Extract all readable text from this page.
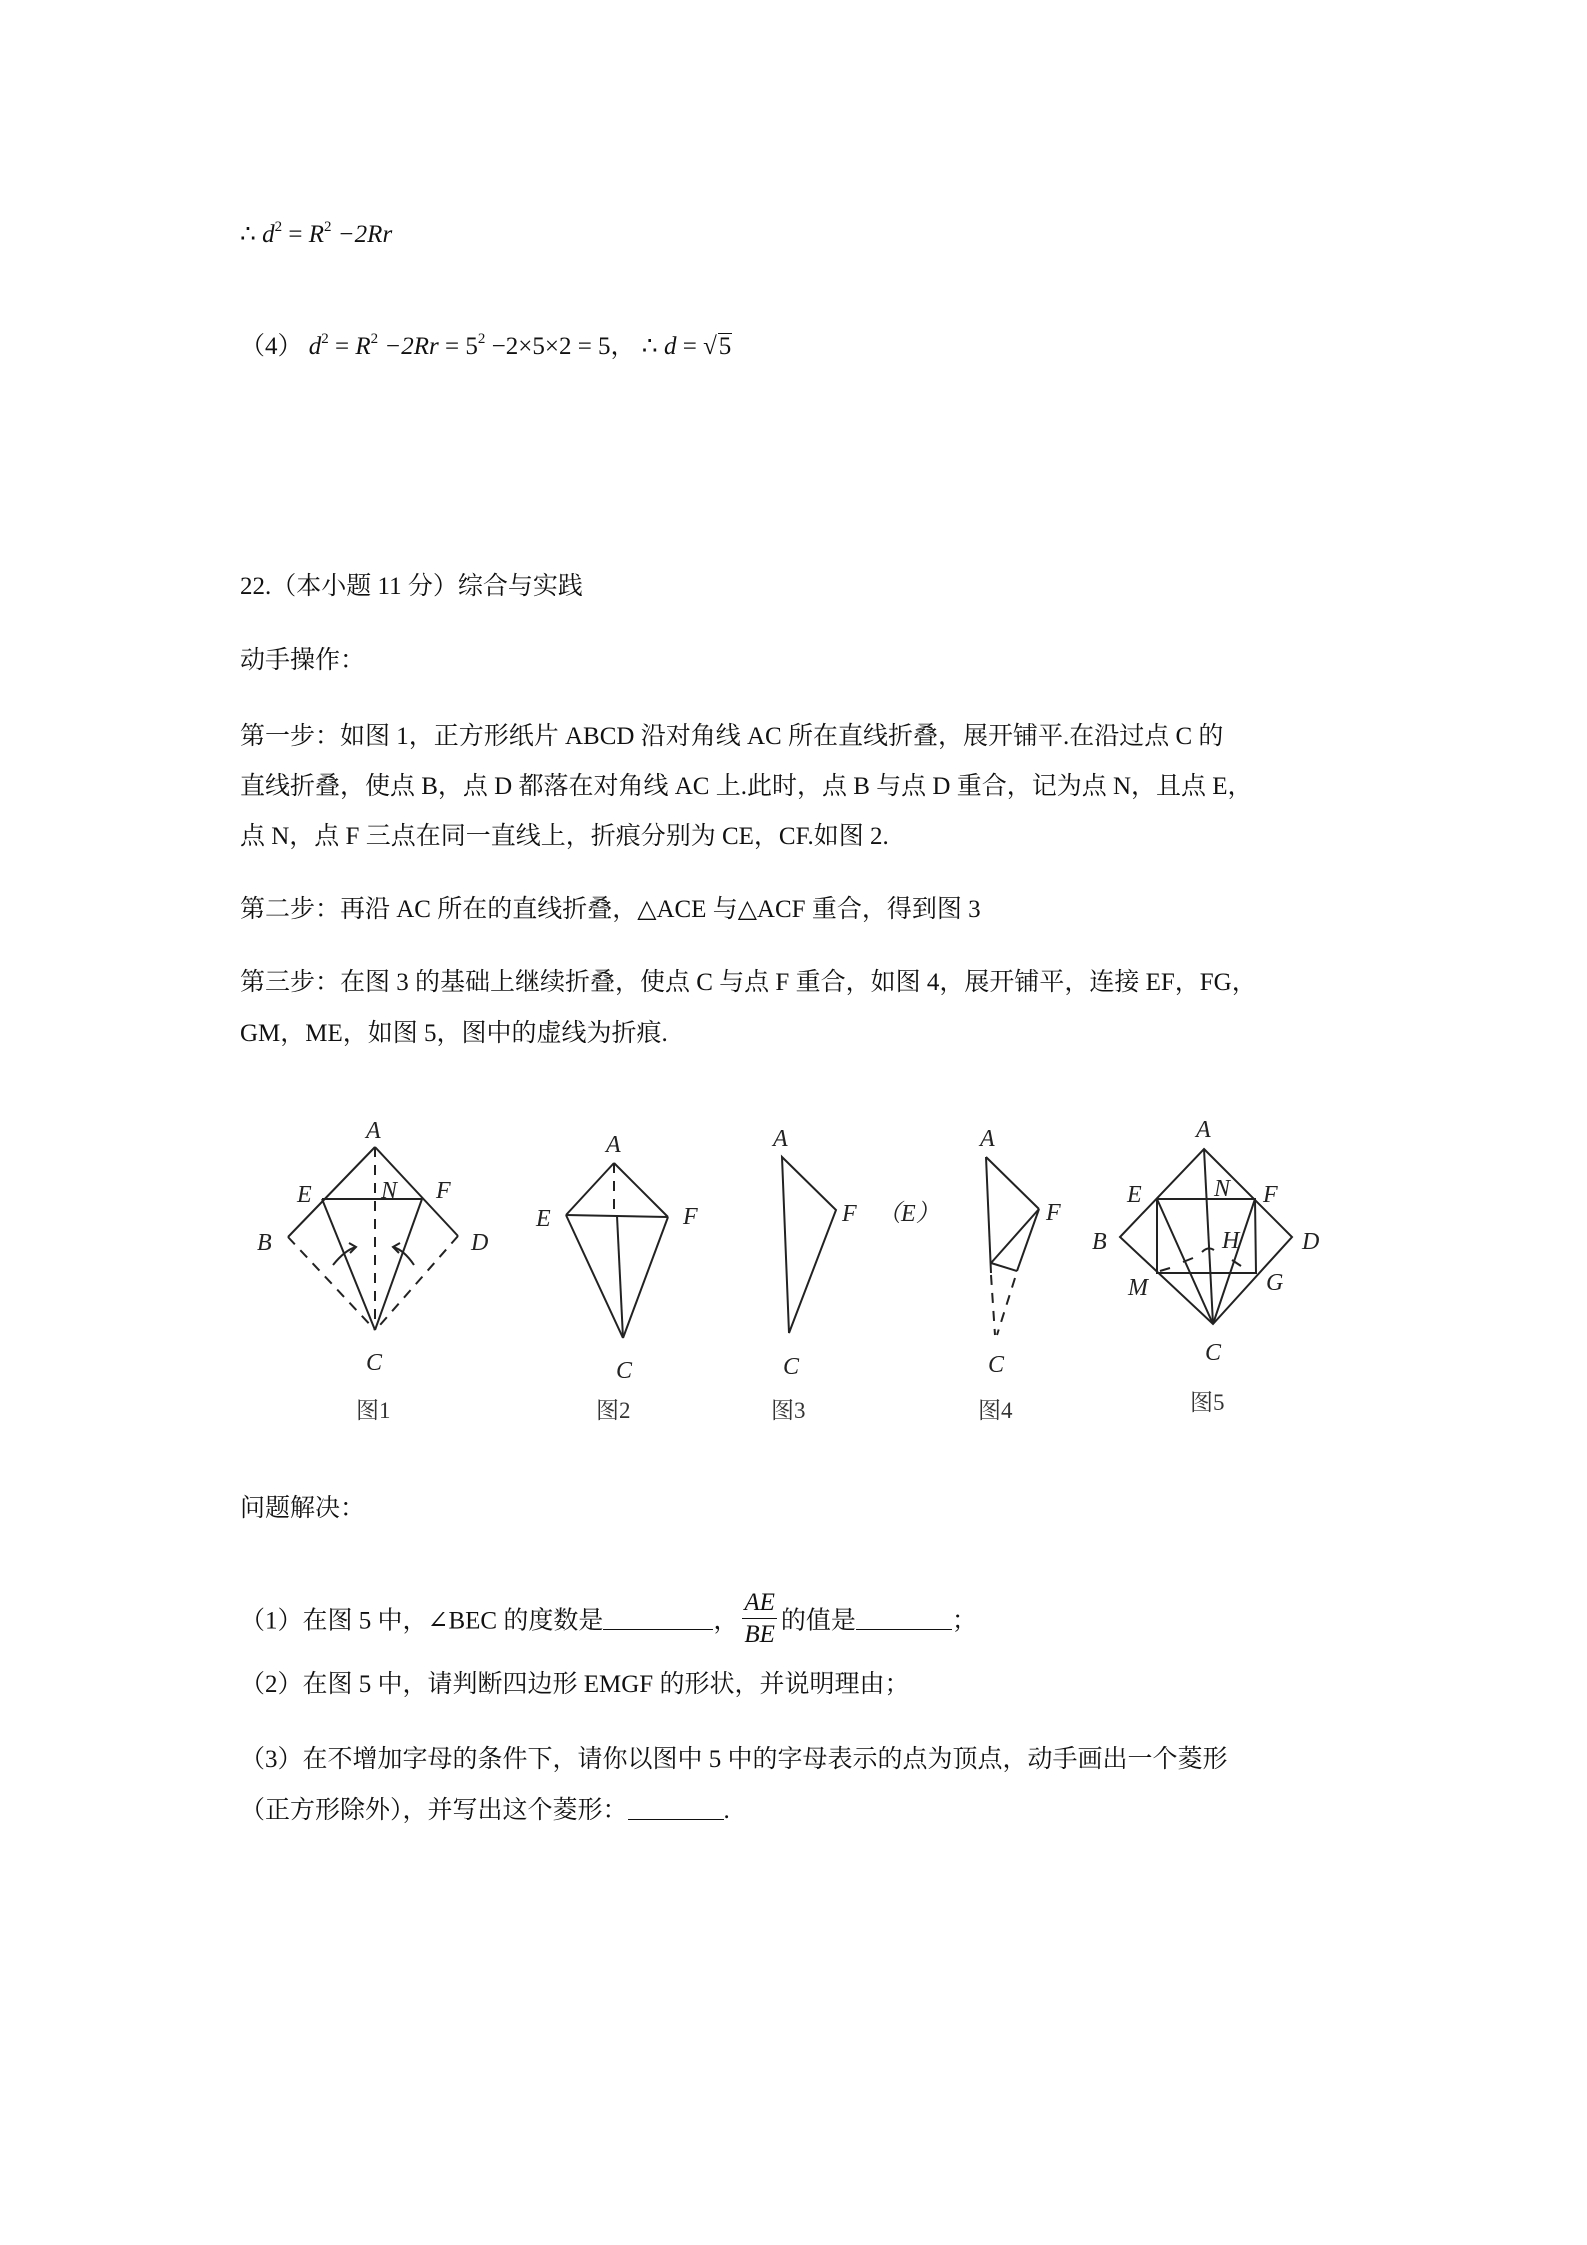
∴ $d^2 = R^2 -2Rr$
（4） $d^2 = R^2 -2Rr = 5^2 -2\times 5\times 2 = 5$， ∴ d = √5
22.（本小题 11 分）综合与实践
动手操作：
第一步：如图 1，正方形纸片 ABCD 沿对角线 AC 所在直线折叠，展开铺平.在沿过点 C 的
直线折叠，使点 B，点 D 都落在对角线 AC 上.此时，点 B 与点 D 重合，记为点 N，且点 E，
点 N，点 F 三点在同一直线上，折痕分别为 CE，CF.如图 2.
第二步：再沿 AC 所在的直线折叠，△ACE 与△ACF 重合，得到图 3
第三步：在图 3 的基础上继续折叠，使点 C 与点 F 重合，如图 4，展开铺平，连接 EF，FG，
GM，ME，如图 5，图中的虚线为折痕.
A
E	N F
B	D
C
图1
A
E	F
C
图2
A
F （E）
C
图3
A
F
C
图4
A
E	N F
B	H	D
M	G
C
图5
问题解决：
（1）在图 5 中，∠BEC 的度数是	， $\frac{AE}{BE}$ 的值是	；
（2）在图 5 中，请判断四边形 EMGF 的形状，并说明理由；
（3）在不增加字母的条件下，请你以图中 5 中的字母表示的点为顶点，动手画出一个菱形
（正方形除外），并写出这个菱形：	.
